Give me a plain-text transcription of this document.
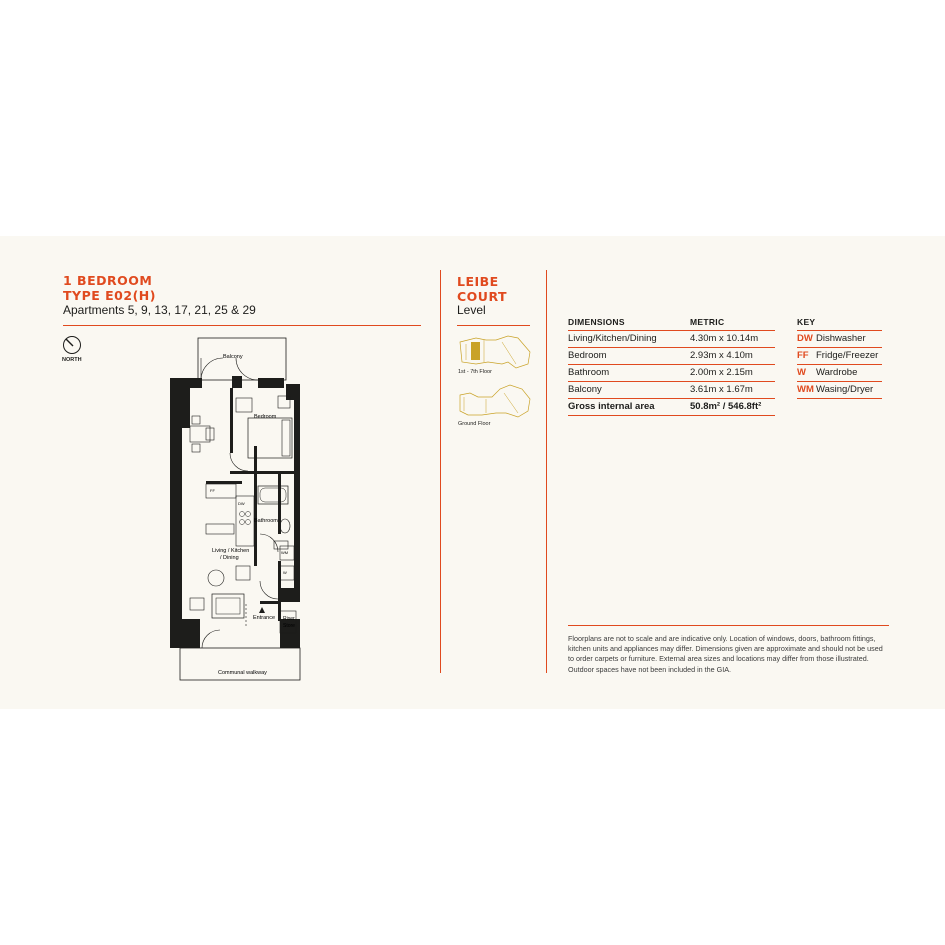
1 BEDROOM
TYPE E02(H)
Apartments 5, 9, 13, 17, 21, 25 & 29
NORTH	Balcony
Bedroom
Bathroom
Living / Kitchen
/ Dining
Entrance Riser
Store
Communal walkway
WM
W
FF
DW
LEIBE
COURT
Level
1st - 7th Floor
Ground Floor
DIMENSIONS	METRIC
Living/Kitchen/Dining	4.30m x 10.14m
Bedroom	2.93m x 4.10m
Bathroom	2.00m x 2.15m
Balcony	3.61m x 1.67m
Gross internal area	50.8m² / 546.8ft²
KEY	
DW	Dishwasher
FF	Fridge/Freezer
W	Wardrobe
WM	Wasing/Dryer
Floorplans are not to scale and are indicative only. Location of windows, doors, bathroom fittings, kitchen units and appliances may differ. Dimensions given are approximate and should not be used to order carpets or furniture. External area sizes and locations may differ from those illustrated. Outdoor spaces have not been included in the GIA.
